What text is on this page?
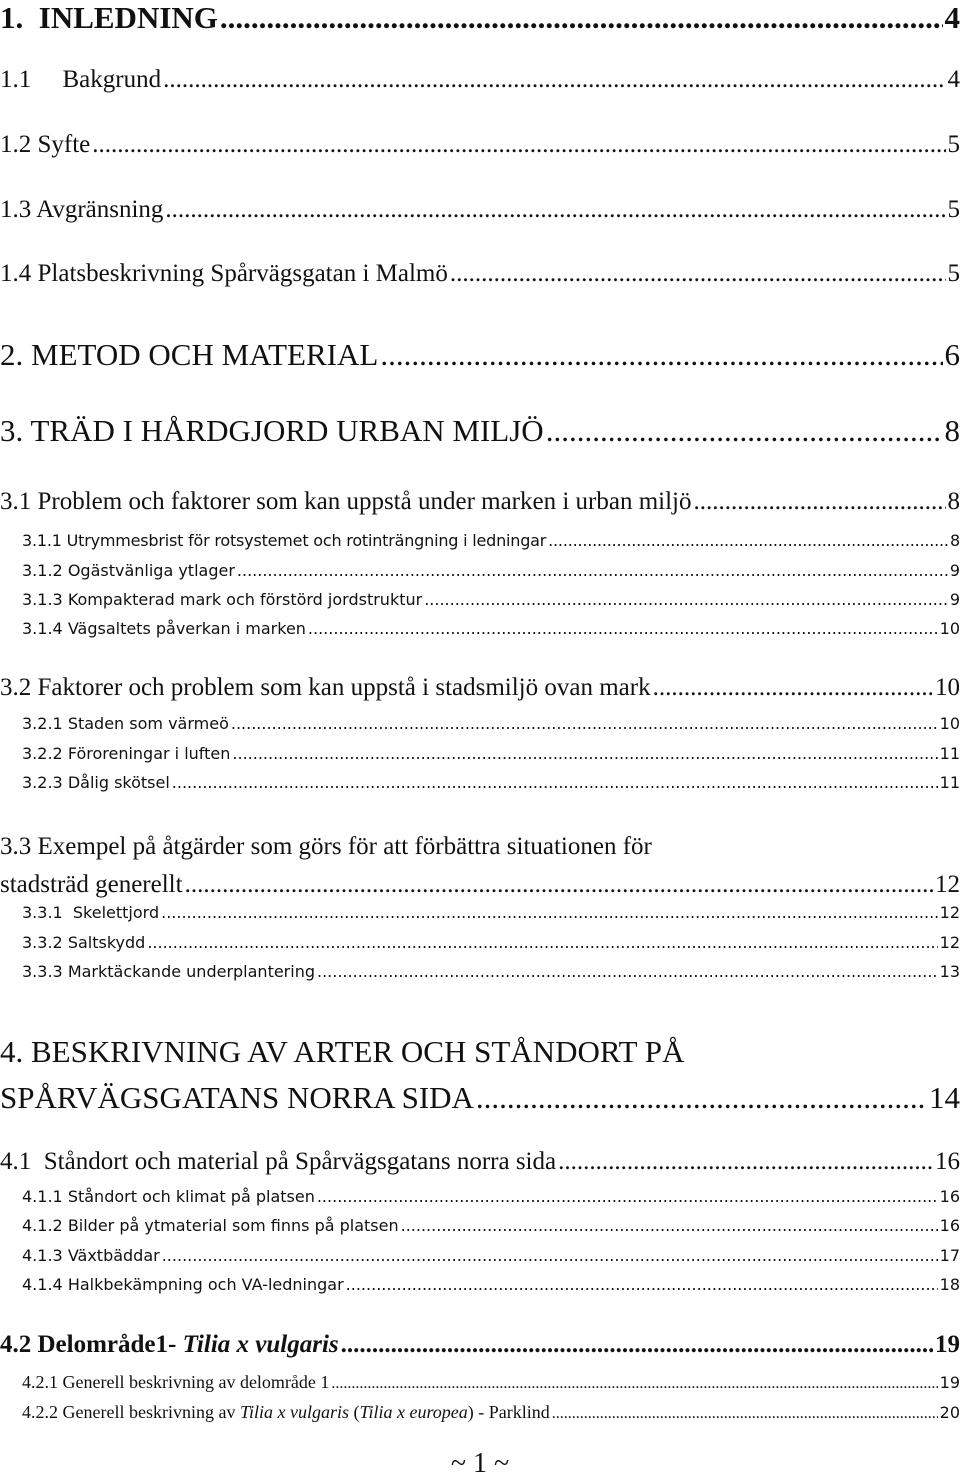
1. INLEDNING .....	4
1.1 Bakgrund .....	4
1.2 Syfte .....	5
1.3 Avgränsning .....	5
1.4 Platsbeskrivning Spårvägsgatan i Malmö .....	5
2. METOD OCH MATERIAL .....	6
3. TRÄD I HÅRDGJORD URBAN MILJÖ .....	8
3.1 Problem och faktorer som kan uppstå under marken i urban miljö .....	8
3.1.1 Utrymmesbrist för rotsystemet och rotinträngning i ledningar .....	8
3.1.2 Ogästvänliga ytlager .....	9
3.1.3 Kompakterad mark och förstörd jordstruktur .....	9
3.1.4 Vägsaltets påverkan i marken .....	10
3.2 Faktorer och problem som kan uppstå i stadsmiljö ovan mark .....	10
3.2.1 Staden som värmeö .....	10
3.2.2 Föroreningar i luften .....	11
3.2.3 Dålig skötsel .....	11
3.3 Exempel på åtgärder som görs för att förbättra situationen för
stadsträd generellt .....	12
3.3.1 Skelettjord .....	12
3.3.2 Saltskydd .....	12
3.3.3 Marktäckande underplantering .....	13
4. BESKRIVNING AV ARTER OCH STÅNDORT PÅ
SPÅRVÄGSGATANS NORRA SIDA .....	14
4.1 Ståndort och material på Spårvägsgatans norra sida .....	16
4.1.1 Ståndort och klimat på platsen .....	16
4.1.2 Bilder på ytmaterial som finns på platsen .....	16
4.1.3 Växtbäddar .....	17
4.1.4 Halkbekämpning och VA-ledningar .....	18
4.2 Delområde1- Tilia x vulgaris .....	19
4.2.1 Generell beskrivning av delområde 1 .....	19
4.2.2 Generell beskrivning av Tilia x vulgaris (Tilia x europea) - Parklind .....	20
~ 1 ~
